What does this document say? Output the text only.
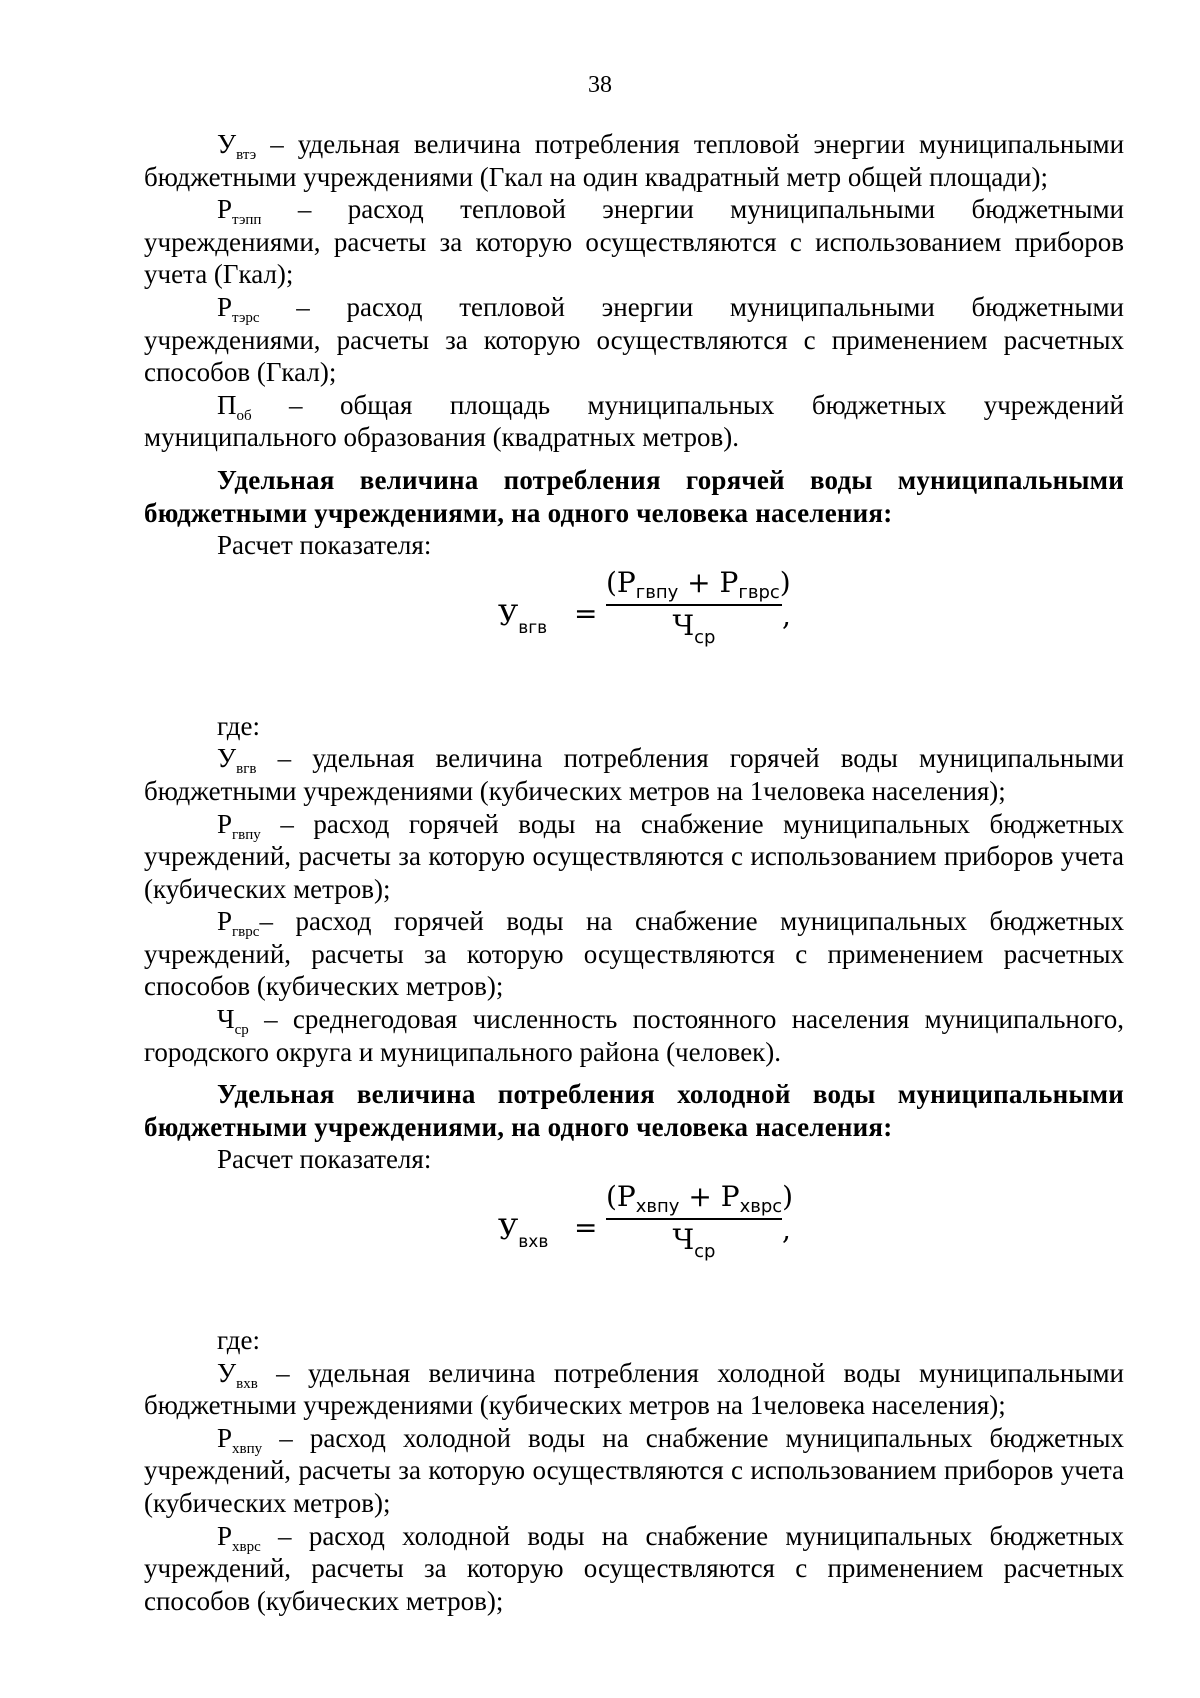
38

$У_{втэ}$ – удельная величина потребления тепловой энергии муниципальными бюджетными учреждениями (Гкал на один квадратный метр общей площади);

$Р_{тэпп}$ – расход тепловой энергии муниципальными бюджетными учреждениями, расчеты за которую осуществляются с использованием приборов учета (Гкал);

$Р_{тэрс}$ – расход тепловой энергии муниципальными бюджетными учреждениями, расчеты за которую осуществляются с применением расчетных способов (Гкал);

$П_{об}$ – общая площадь муниципальных бюджетных учреждений муниципального образования (квадратных метров).

Удельная величина потребления горячей воды муниципальными бюджетными учреждениями, на одного человека населения:

Расчет показателя:

$У_{вгв}$ =
$(Р_{гвпу} + Р_{гврс})$
$Ч_{ср}$
,

где:

$У_{вгв}$ – удельная величина потребления горячей воды муниципальными бюджетными учреждениями (кубических метров на 1человека населения);

$Р_{гвпу}$ – расход горячей воды на снабжение муниципальных бюджетных учреждений, расчеты за которую осуществляются с использованием приборов учета (кубических метров);

$Р_{гврс}-$ расход горячей воды на снабжение муниципальных бюджетных учреждений, расчеты за которую осуществляются с применением расчетных способов (кубических метров);

$Ч_{ср}$ – среднегодовая численность постоянного населения муниципального, городского округа и муниципального района (человек).

Удельная величина потребления холодной воды муниципальными бюджетными учреждениями, на одного человека населения:

Расчет показателя:

$У_{вхв}$ =
$(Р_{хвпу} + Р_{хврс})$
$Ч_{ср}$
,

где:

$У_{вхв}$ – удельная величина потребления холодной воды муниципальными бюджетными учреждениями (кубических метров на 1человека населения);

$Р_{хвпу}$ – расход холодной воды на снабжение муниципальных бюджетных учреждений, расчеты за которую осуществляются с использованием приборов учета (кубических метров);

$Р_{хврс}$ – расход холодной воды на снабжение муниципальных бюджетных учреждений, расчеты за которую осуществляются с применением расчетных способов (кубических метров);
